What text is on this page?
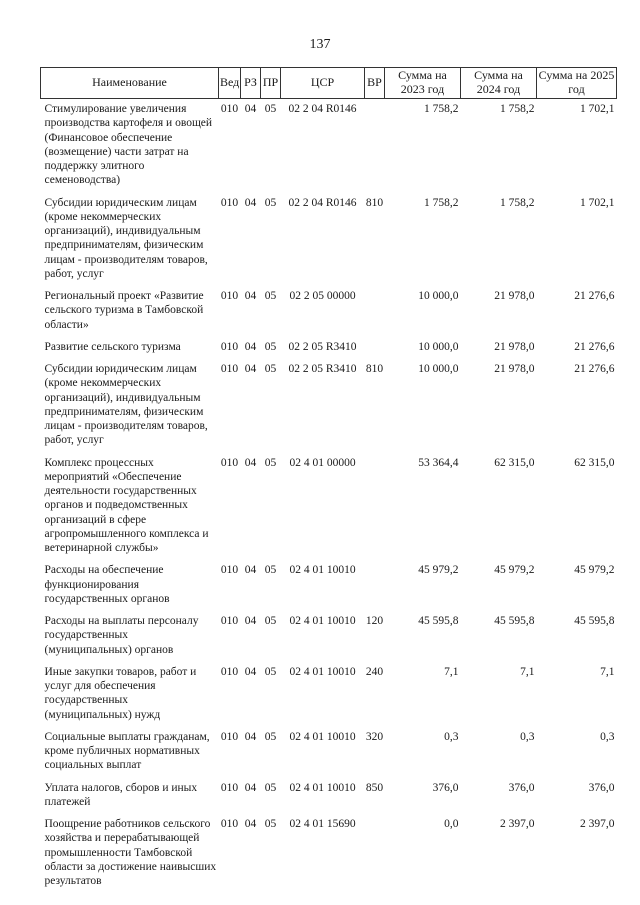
137
Наименование	Вед	РЗ	ПР	ЦСР	ВР	Сумма на 2023 год	Сумма на 2024 год	Сумма на 2025 год
Стимулирование увеличения производства картофеля и овощей (Финансовое обеспечение (возмещение) части затрат на поддержку элитного семеноводства)	010	04	05	02 2 04 R0146		1 758,2	1 758,2	1 702,1
Субсидии юридическим лицам (кроме некоммерческих организаций), индивидуальным предпринимателям, физическим лицам - производителям товаров, работ, услуг	010	04	05	02 2 04 R0146	810	1 758,2	1 758,2	1 702,1
Региональный проект «Развитие сельского туризма в Тамбовской области»	010	04	05	02 2 05 00000		10 000,0	21 978,0	21 276,6
Развитие сельского туризма	010	04	05	02 2 05 R3410		10 000,0	21 978,0	21 276,6
Субсидии юридическим лицам (кроме некоммерческих организаций), индивидуальным предпринимателям, физическим лицам - производителям товаров, работ, услуг	010	04	05	02 2 05 R3410	810	10 000,0	21 978,0	21 276,6
Комплекс процессных мероприятий «Обеспечение деятельности государственных органов и подведомственных организаций в сфере агропромышленного комплекса и ветеринарной службы»	010	04	05	02 4 01 00000		53 364,4	62 315,0	62 315,0
Расходы на обеспечение функционирования государственных органов	010	04	05	02 4 01 10010		45 979,2	45 979,2	45 979,2
Расходы на выплаты персоналу государственных (муниципальных) органов	010	04	05	02 4 01 10010	120	45 595,8	45 595,8	45 595,8
Иные закупки товаров, работ и услуг для обеспечения государственных (муниципальных) нужд	010	04	05	02 4 01 10010	240	7,1	7,1	7,1
Социальные выплаты гражданам, кроме публичных нормативных социальных выплат	010	04	05	02 4 01 10010	320	0,3	0,3	0,3
Уплата налогов, сборов и иных платежей	010	04	05	02 4 01 10010	850	376,0	376,0	376,0
Поощрение работников сельского хозяйства и перерабатывающей промышленности Тамбовской области за достижение наивысших результатов	010	04	05	02 4 01 15690		0,0	2 397,0	2 397,0
